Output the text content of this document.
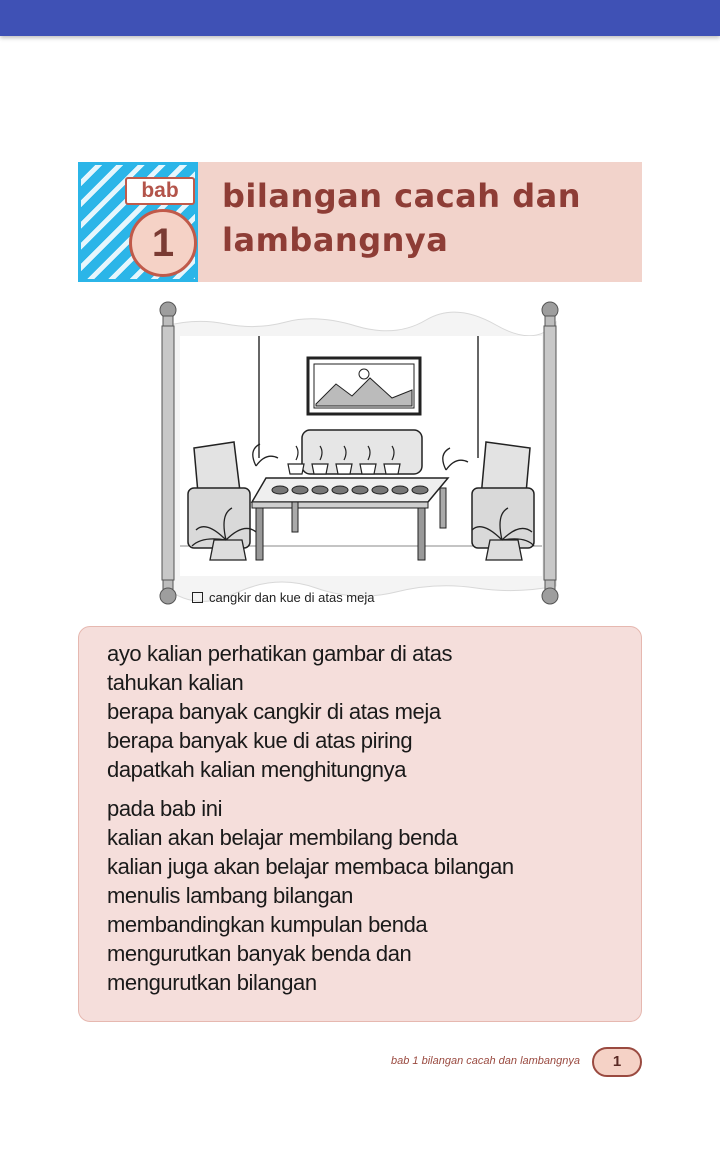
bab
1
bilangan cacah dan
lambangnya
cangkir dan kue di atas meja
ayo kalian perhatikan gambar di atas
tahukan kalian
berapa banyak cangkir di atas meja
berapa banyak kue di atas piring
dapatkah kalian menghitungnya
pada bab ini
kalian akan belajar membilang benda
kalian juga akan belajar membaca bilangan
menulis lambang bilangan
membandingkan kumpulan benda
mengurutkan banyak benda dan
mengurutkan bilangan
bab 1 bilangan cacah dan lambangnya	1
